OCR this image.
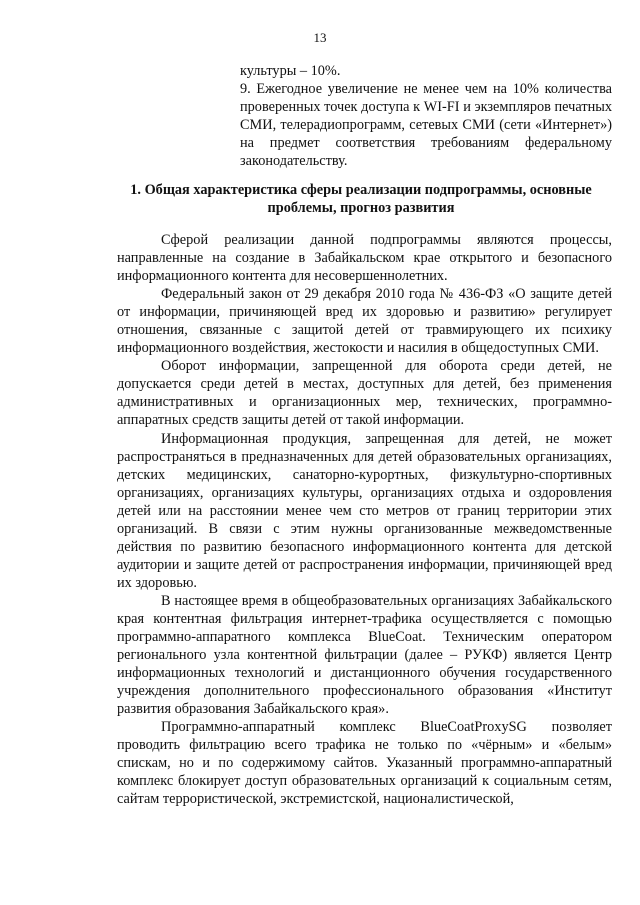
13

культуры – 10%.

9. Ежегодное увеличение не менее чем на 10% количества проверенных точек доступа к WI-FI и экземпляров печатных СМИ, телерадиопрограмм, сетевых СМИ (сети «Интернет») на предмет соответствия требованиям федеральному законодательству.

1. Общая характеристика сферы реализации подпрограммы, основные проблемы, прогноз развития

Сферой реализации данной подпрограммы являются процессы, направленные на создание в Забайкальском крае открытого и безопасного информационного контента для несовершеннолетних.

Федеральный закон от 29 декабря 2010 года № 436-ФЗ «О защите детей от информации, причиняющей вред их здоровью и развитию» регулирует отношения, связанные с защитой детей от травмирующего их психику информационного воздействия, жестокости и насилия в общедоступных СМИ.

Оборот информации, запрещенной для оборота среди детей, не допускается среди детей в местах, доступных для детей, без применения административных и организационных мер, технических, программно-аппаратных средств защиты детей от такой информации.

Информационная продукция, запрещенная для детей, не может распространяться в предназначенных для детей образовательных организациях, детских медицинских, санаторно-курортных, физкультурно-спортивных организациях, организациях культуры, организациях отдыха и оздоровления детей или на расстоянии менее чем сто метров от границ территории этих организаций. В связи с этим нужны организованные межведомственные действия по развитию безопасного информационного контента для детской аудитории и защите детей от распространения информации, причиняющей вред их здоровью.

В настоящее время в общеобразовательных организациях Забайкальского края контентная фильтрация интернет-трафика осуществляется с помощью программно-аппаратного комплекса BlueCoat. Техническим оператором регионального узла контентной фильтрации (далее – РУКФ) является Центр информационных технологий и дистанционного обучения государственного учреждения дополнительного профессионального образования «Институт развития образования Забайкальского края».

Программно-аппаратный комплекс BlueCoatProxySG позволяет проводить фильтрацию всего трафика не только по «чёрным» и «белым» спискам, но и по содержимому сайтов. Указанный программно-аппаратный комплекс блокирует доступ образовательных организаций к социальным сетям, сайтам террористической, экстремистской, националистической,
